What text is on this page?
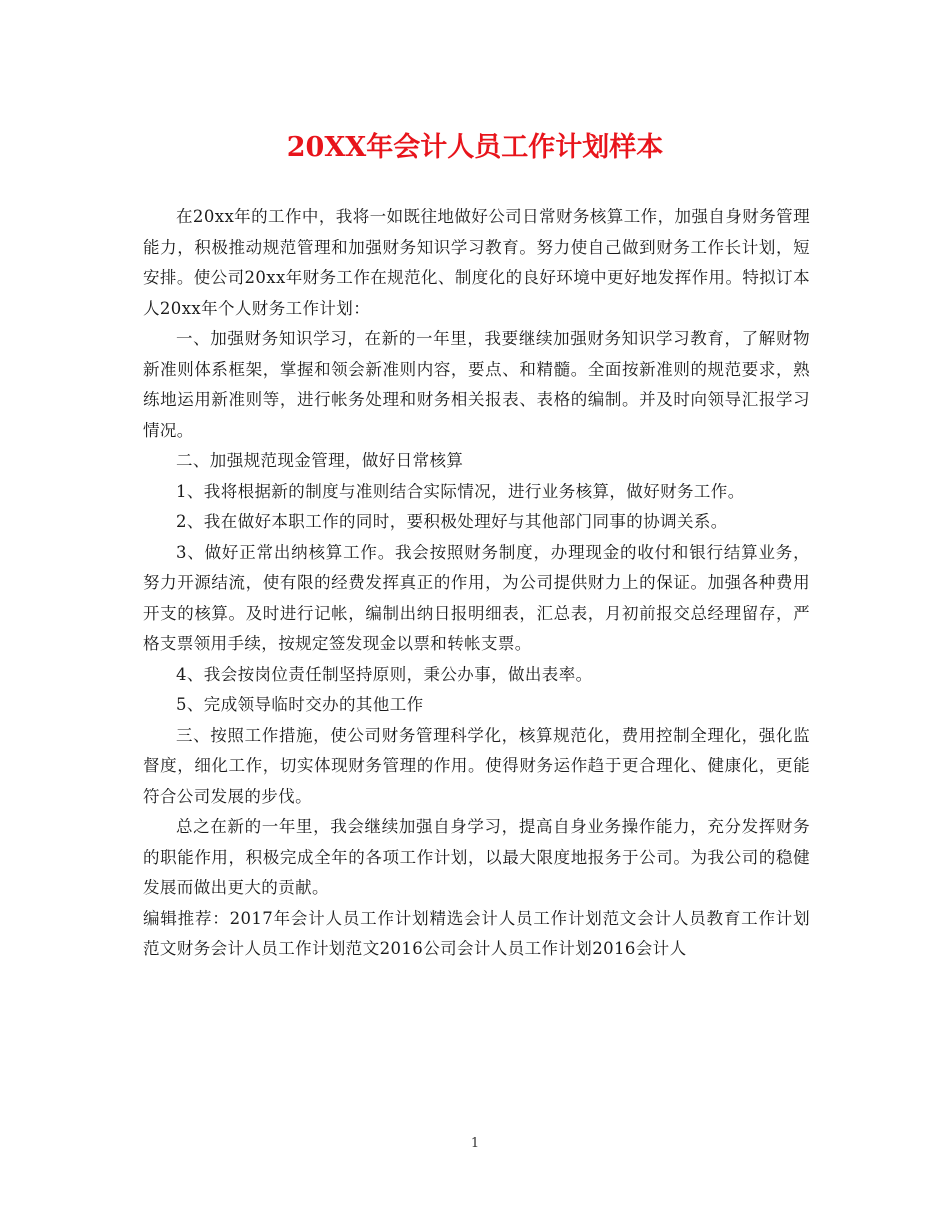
20XX年会计人员工作计划样本

在20xx年的工作中，我将一如既往地做好公司日常财务核算工作，加强自身财务管理能力，积极推动规范管理和加强财务知识学习教育。努力使自己做到财务工作长计划，短安排。使公司20xx年财务工作在规范化、制度化的良好环境中更好地发挥作用。特拟订本人20xx年个人财务工作计划：

一、加强财务知识学习，在新的一年里，我要继续加强财务知识学习教育，了解财物新准则体系框架，掌握和领会新准则内容，要点、和精髓。全面按新准则的规范要求，熟练地运用新准则等，进行帐务处理和财务相关报表、表格的编制。并及时向领导汇报学习情况。

二、加强规范现金管理，做好日常核算

1、我将根据新的制度与准则结合实际情况，进行业务核算，做好财务工作。

2、我在做好本职工作的同时，要积极处理好与其他部门同事的协调关系。

3、做好正常出纳核算工作。我会按照财务制度，办理现金的收付和银行结算业务，努力开源结流，使有限的经费发挥真正的作用，为公司提供财力上的保证。加强各种费用开支的核算。及时进行记帐，编制出纳日报明细表，汇总表，月初前报交总经理留存，严格支票领用手续，按规定签发现金以票和转帐支票。

4、我会按岗位责任制坚持原则，秉公办事，做出表率。

5、完成领导临时交办的其他工作

三、按照工作措施，使公司财务管理科学化，核算规范化，费用控制全理化，强化监督度，细化工作，切实体现财务管理的作用。使得财务运作趋于更合理化、健康化，更能符合公司发展的步伐。

总之在新的一年里，我会继续加强自身学习，提高自身业务操作能力，充分发挥财务的职能作用，积极完成全年的各项工作计划，以最大限度地报务于公司。为我公司的稳健发展而做出更大的贡献。

编辑推荐：2017年会计人员工作计划精选会计人员工作计划范文会计人员教育工作计划范文财务会计人员工作计划范文2016公司会计人员工作计划2016会计人

1
